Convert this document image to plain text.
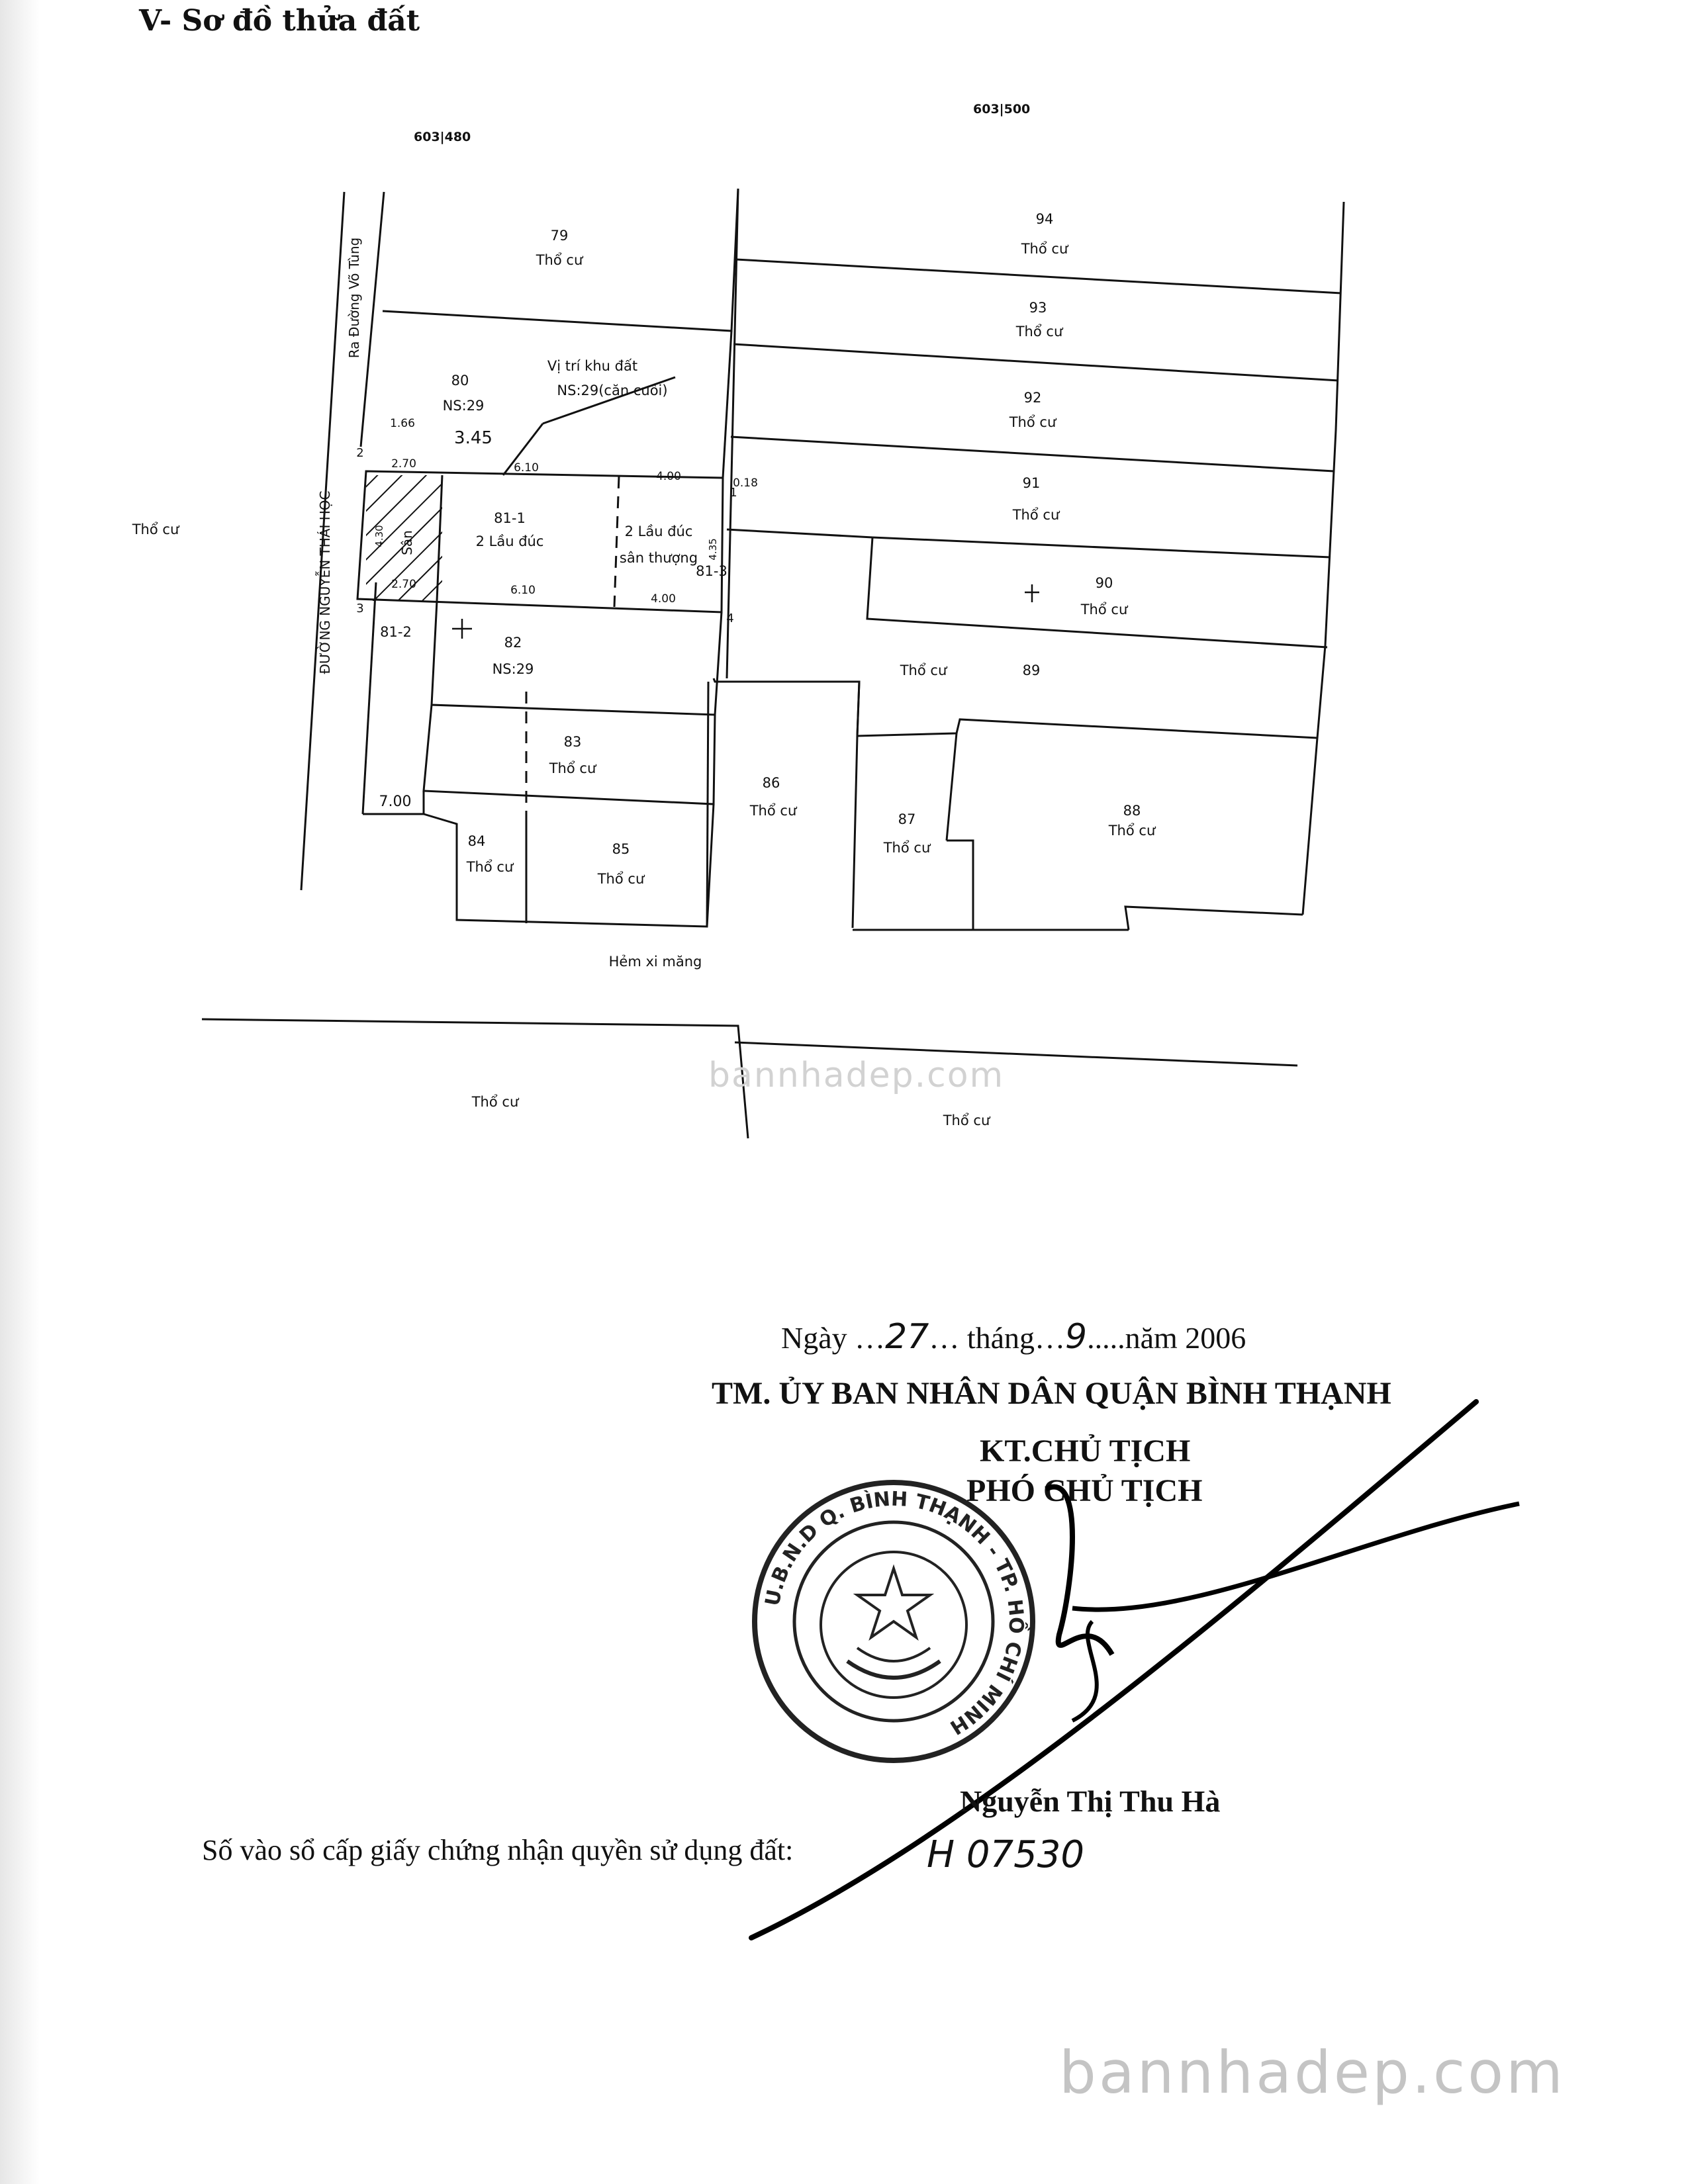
V- Sơ đồ thửa đất
603|480
603|500
79
Thổ cư
80
NS:29
94
Thổ cư
93
Thổ cư
92
Thổ cư
91
Thổ cư
90
Thổ cư
Thổ cư	89
81-1
2 Lầu đúc
2 Lầu đúc
sân thượng
81-3
81-2
82
NS:29
83
Thổ cư
84
Thổ cư
85
Thổ cư
86
Thổ cư
87
Thổ cư
88
Thổ cư
Vị trí khu đất
NS:29(căn cuối)
Thổ cư
Thổ cư
Thổ cư
Hẻm xi măng
ĐƯỜNG NGUYỄN THÁI HỌC
Ra Đường Võ Tùng
Sân
1.66
3.45
2.70	6.10
4.00	0.18
2.70	6.10
4.00
7.00
4.30
4.35
1
2
3
4
bannhadep.com
Ngày …27… tháng…9.....năm 2006
TM. ỦY BAN NHÂN DÂN QUẬN BÌNH THẠNH
KT.CHỦ TỊCH
PHÓ CHỦ TỊCH
U.B.N.D Q. BÌNH THẠNH - TP. HỒ CHÍ MINH
Nguyễn Thị Thu Hà
Số vào sổ cấp giấy chứng nhận quyền sử dụng đất:	H 07530
bannhadep.com
